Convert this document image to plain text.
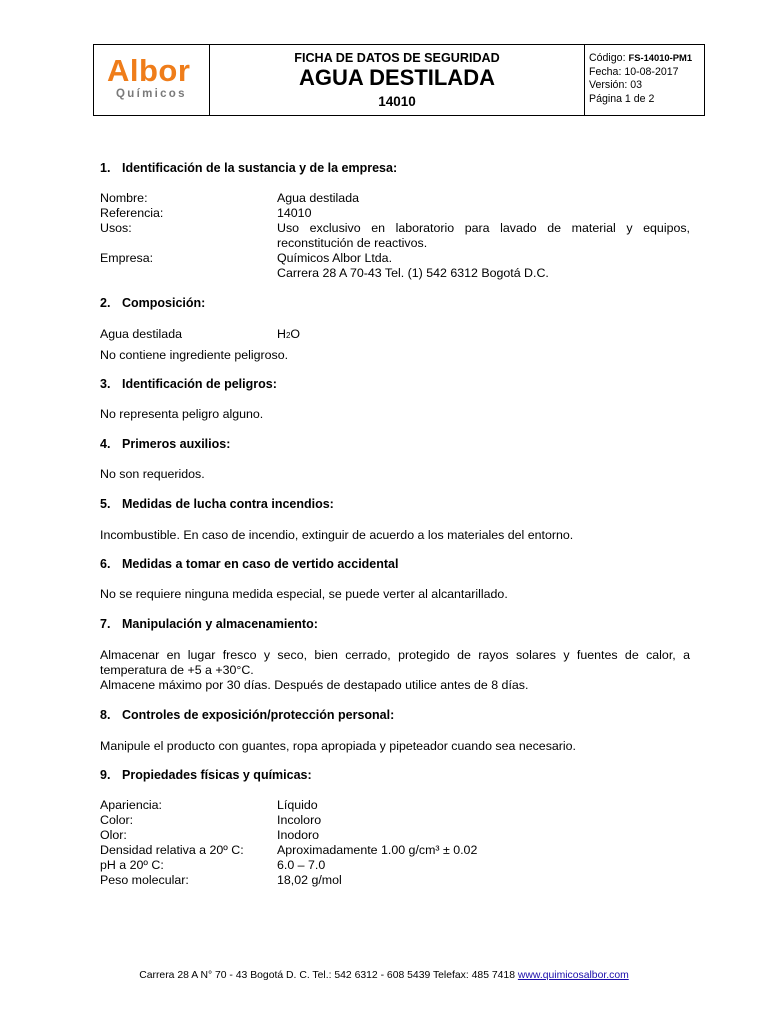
Albor
Químicos
FICHA DE DATOS DE SEGURIDAD
AGUA DESTILADA
14010
Código: FS-14010-PM1
Fecha: 10-08-2017
Versión: 03
Página 1 de 2
1. Identificación de la sustancia y de la empresa:
Nombre:	Agua destilada
Referencia:	14010
Usos:	Uso exclusivo en laboratorio para lavado de material y equipos, reconstitución de reactivos.
Empresa:	Químicos Albor Ltda.
Carrera 28 A 70-43 Tel. (1) 542 6312 Bogotá D.C.
2. Composición:
Agua destilada	H2O
No contiene ingrediente peligroso.
3. Identificación de peligros:
No representa peligro alguno.
4. Primeros auxilios:
No son requeridos.
5. Medidas de lucha contra incendios:
Incombustible. En caso de incendio, extinguir de acuerdo a los materiales del entorno.
6. Medidas a tomar en caso de vertido accidental
No se requiere ninguna medida especial, se puede verter al alcantarillado.
7. Manipulación y almacenamiento:
Almacenar en lugar fresco y seco, bien cerrado, protegido de rayos solares y fuentes de calor, a temperatura de +5 a +30°C.
Almacene máximo por 30 días. Después de destapado utilice antes de 8 días.
8. Controles de exposición/protección personal:
Manipule el producto con guantes, ropa apropiada y pipeteador cuando sea necesario.
9. Propiedades físicas y químicas:
Apariencia:	Líquido
Color:	Incoloro
Olor:	Inodoro
Densidad relativa a 20º C:	Aproximadamente 1.00 g/cm³ ± 0.02
pH a 20º C:	6.0 – 7.0
Peso molecular:	18,02 g/mol
Carrera 28 A N° 70 - 43 Bogotá D. C. Tel.: 542 6312 - 608 5439 Telefax: 485 7418 www.quimicosalbor.com
